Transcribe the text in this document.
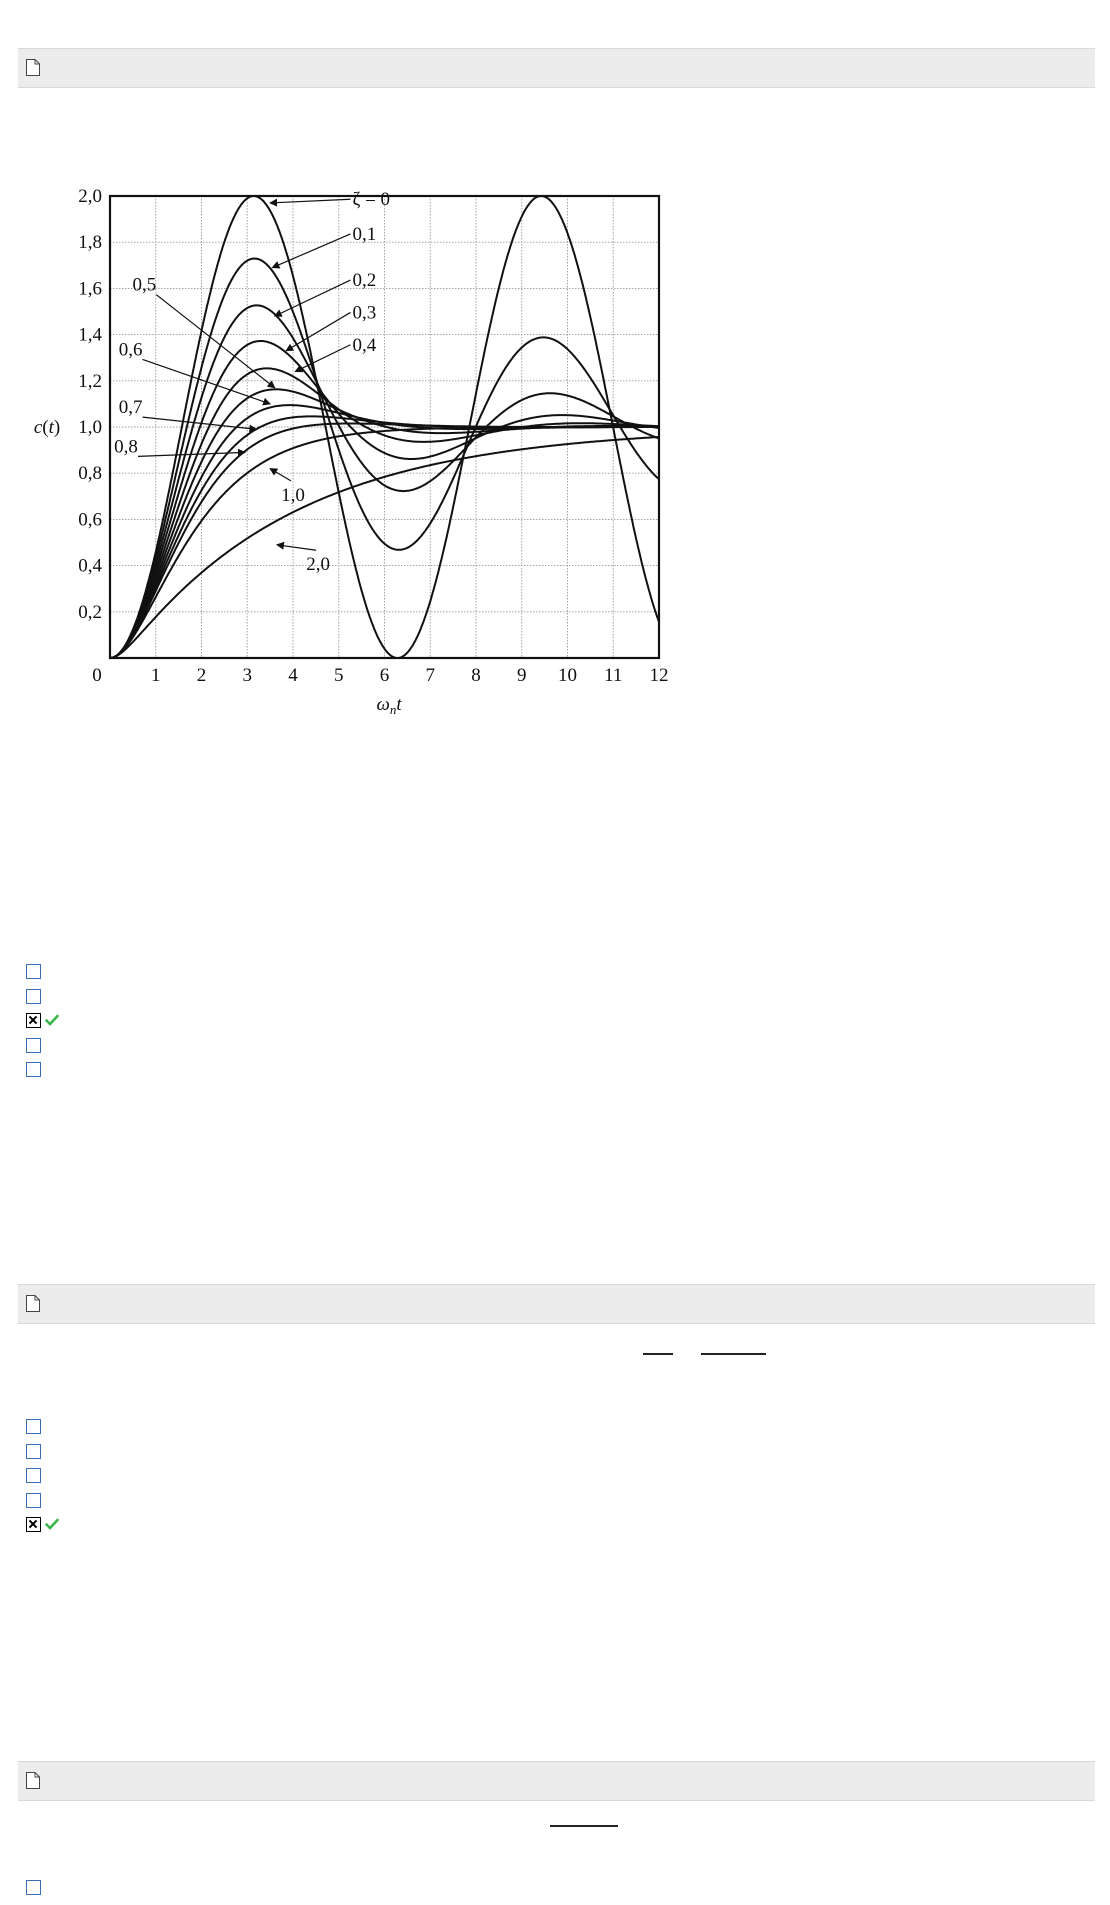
0	1 2 3 4 5 6 7 8 9 10 11 12
0,2
0,4
0,6
0,8
1,0
1,2
1,4
1,6
1,8
2,0	ζ = 0
0,1
0,2
0,3
0,4
0,5
0,6
0,7
0,8
1,0
2,0
c(t)
$\omega_nt$
